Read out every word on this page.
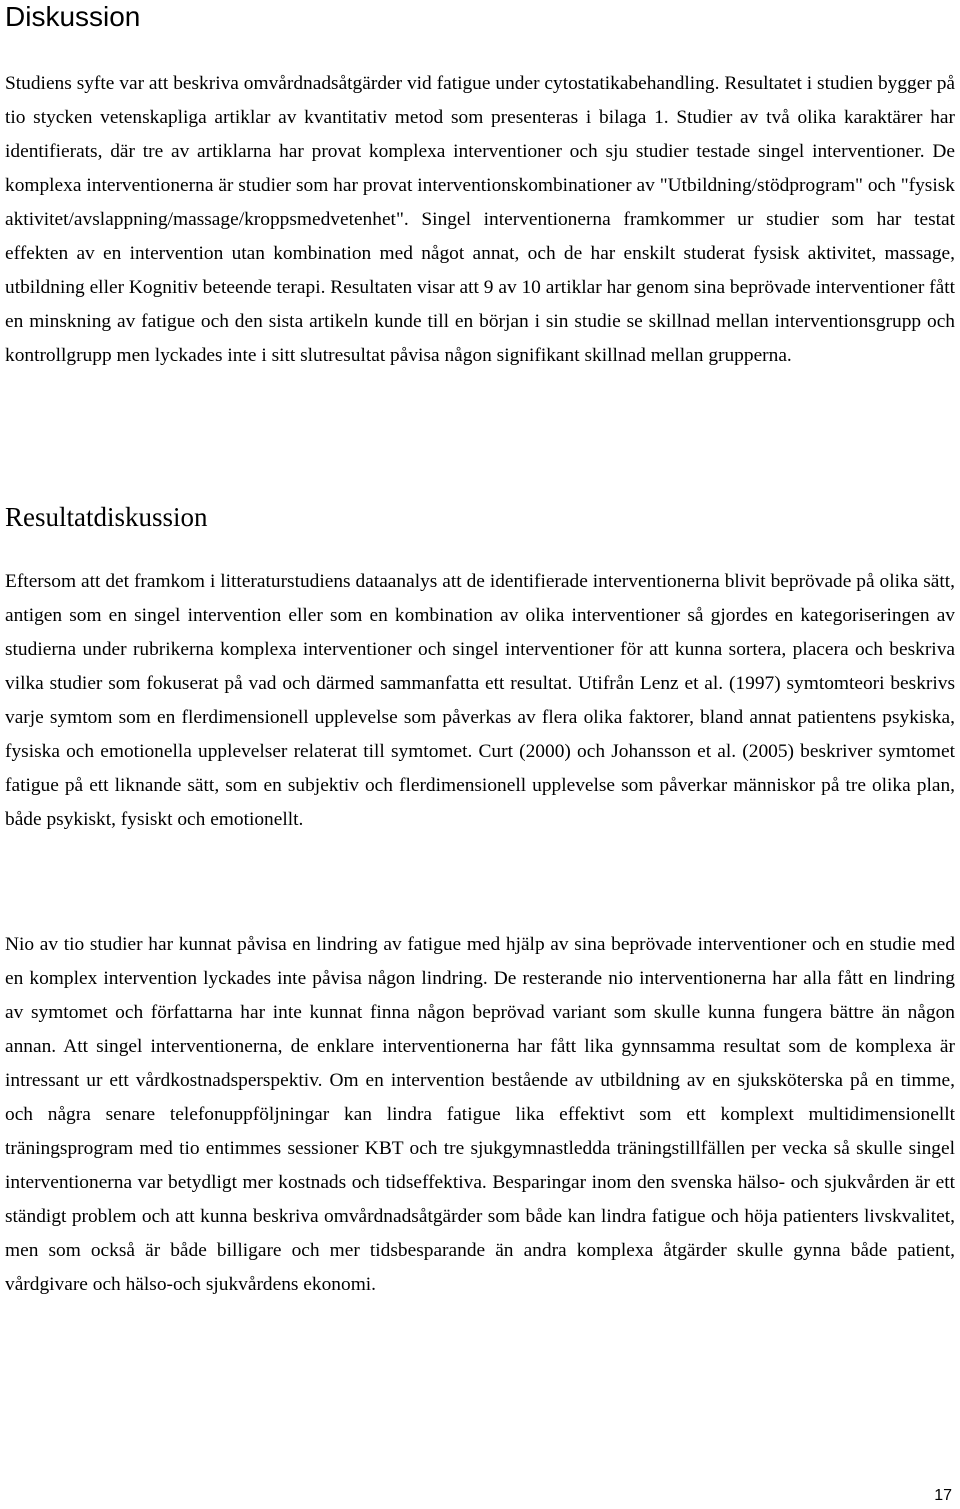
Diskussion

Studiens syfte var att beskriva omvårdnadsåtgärder vid fatigue under cytostatikabehandling. Resultatet i studien bygger på tio stycken vetenskapliga artiklar av kvantitativ metod som presenteras i bilaga 1. Studier av två olika karaktärer har identifierats, där tre av artiklarna har provat komplexa interventioner och sju studier testade singel interventioner. De komplexa interventionerna är studier som har provat interventionskombinationer av "Utbildning/stödprogram" och "fysisk aktivitet/avslappning/massage/kroppsmedvetenhet". Singel interventionerna framkommer ur studier som har testat effekten av en intervention utan kombination med något annat, och de har enskilt studerat fysisk aktivitet, massage, utbildning eller Kognitiv beteende terapi. Resultaten visar att 9 av 10 artiklar har genom sina beprövade interventioner fått en minskning av fatigue och den sista artikeln kunde till en början i sin studie se skillnad mellan interventionsgrupp och kontrollgrupp men lyckades inte i sitt slutresultat påvisa någon signifikant skillnad mellan grupperna.

Resultatdiskussion

Eftersom att det framkom i litteraturstudiens dataanalys att de identifierade interventionerna blivit beprövade på olika sätt, antigen som en singel intervention eller som en kombination av olika interventioner så gjordes en kategoriseringen av studierna under rubrikerna komplexa interventioner och singel interventioner för att kunna sortera, placera och beskriva vilka studier som fokuserat på vad och därmed sammanfatta ett resultat. Utifrån Lenz et al. (1997) symtomteori beskrivs varje symtom som en flerdimensionell upplevelse som påverkas av flera olika faktorer, bland annat patientens psykiska, fysiska och emotionella upplevelser relaterat till symtomet. Curt (2000) och Johansson et al. (2005) beskriver symtomet fatigue på ett liknande sätt, som en subjektiv och flerdimensionell upplevelse som påverkar människor på tre olika plan, både psykiskt, fysiskt och emotionellt.

Nio av tio studier har kunnat påvisa en lindring av fatigue med hjälp av sina beprövade interventioner och en studie med en komplex intervention lyckades inte påvisa någon lindring. De resterande nio interventionerna har alla fått en lindring av symtomet och författarna har inte kunnat finna någon beprövad variant som skulle kunna fungera bättre än någon annan. Att singel interventionerna, de enklare interventionerna har fått lika gynnsamma resultat som de komplexa är intressant ur ett vårdkostnadsperspektiv. Om en intervention bestående av utbildning av en sjuksköterska på en timme, och några senare telefonuppföljningar kan lindra fatigue lika effektivt som ett komplext multidimensionellt träningsprogram med tio entimmes sessioner KBT och tre sjukgymnastledda träningstillfällen per vecka så skulle singel interventionerna var betydligt mer kostnads och tidseffektiva. Besparingar inom den svenska hälso- och sjukvården är ett ständigt problem och att kunna beskriva omvårdnadsåtgärder som både kan lindra fatigue och höja patienters livskvalitet, men som också är både billigare och mer tidsbesparande än andra komplexa åtgärder skulle gynna både patient, vårdgivare och hälso-och sjukvårdens ekonomi.

17
